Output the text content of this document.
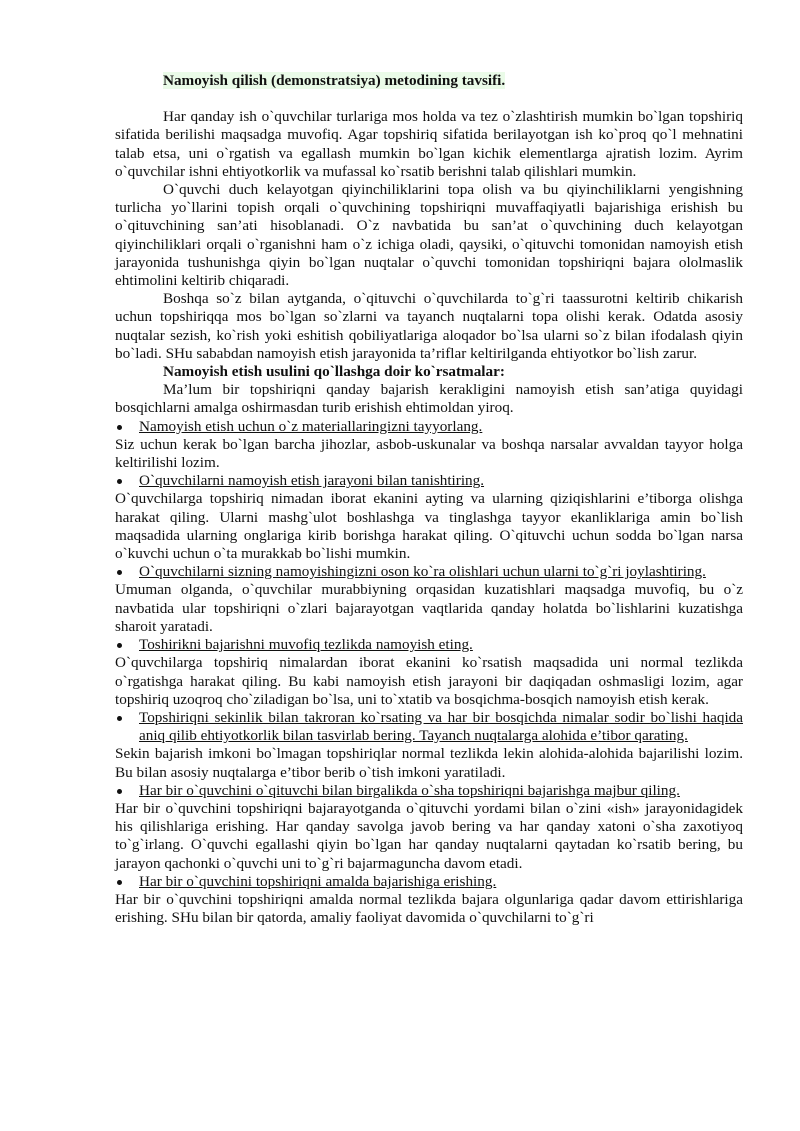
Namoyish qilish (demonstratsiya) metodining tavsifi.

Har qanday ish o`quvchilar turlariga mos holda va tez o`zlashtirish mumkin bo`lgan topshiriq sifatida berilishi maqsadga muvofiq. Agar topshiriq sifatida berilayotgan ish ko`proq qo`l mehnatini talab etsa, uni o`rgatish va egallash mumkin bo`lgan kichik elementlarga ajratish lozim. Ayrim o`quvchilar ishni ehtiyotkorlik va mufassal ko`rsatib berishni talab qilishlari mumkin.

O`quvchi duch kelayotgan qiyinchiliklarini topa olish va bu qiyinchiliklarni yengishning turlicha yo`llarini topish orqali o`quvchining topshiriqni muvaffaqiyatli bajarishiga erishish bu o`qituvchining san’ati hisoblanadi. O`z navbatida bu san’at o`quvchining duch kelayotgan qiyinchiliklari orqali o`rganishni ham o`z ichiga oladi, qaysiki, o`qituvchi tomonidan namoyish etish jarayonida tushunishga qiyin bo`lgan nuqtalar o`quvchi tomonidan topshiriqni bajara ololmaslik ehtimolini keltirib chiqaradi.

Boshqa so`z bilan aytganda, o`qituvchi o`quvchilarda to`g`ri taassurotni keltirib chikarish uchun topshiriqqa mos bo`lgan so`zlarni va tayanch nuqtalarni topa olishi kerak. Odatda asosiy nuqtalar sezish, ko`rish yoki eshitish qobiliyatlariga aloqador bo`lsa ularni so`z bilan ifodalash qiyin bo`ladi. SHu sababdan namoyish etish jarayonida ta’riflar keltirilganda ehtiyotkor bo`lish zarur.

Namoyish etish usulini qo`llashga doir ko`rsatmalar:

Ma’lum bir topshiriqni qanday bajarish kerakligini namoyish etish san’atiga quyidagi bosqichlarni amalga oshirmasdan turib erishish ehtimoldan yiroq.

Namoyish etish uchun o`z materiallaringizni tayyorlang.

Siz uchun kerak bo`lgan barcha jihozlar, asbob-uskunalar va boshqa narsalar avvaldan tayyor holga keltirilishi lozim.

O`quvchilarni namoyish etish jarayoni bilan tanishtiring.

O`quvchilarga topshiriq nimadan iborat ekanini ayting va ularning qiziqishlarini e’tiborga olishga harakat qiling. Ularni mashg`ulot boshlashga va tinglashga tayyor ekanliklariga amin bo`lish maqsadida ularning onglariga kirib borishga harakat qiling. O`qituvchi uchun sodda bo`lgan narsa o`kuvchi uchun o`ta murakkab bo`lishi mumkin.

O`quvchilarni sizning namoyishingizni oson ko`ra olishlari uchun ularni to`g`ri joylashtiring.

Umuman olganda, o`quvchilar murabbiyning orqasidan kuzatishlari maqsadga muvofiq, bu o`z navbatida ular topshiriqni o`zlari bajarayotgan vaqtlarida qanday holatda bo`lishlarini kuzatishga sharoit yaratadi.

Toshirikni bajarishni muvofiq tezlikda namoyish eting.

O`quvchilarga topshiriq nimalardan iborat ekanini ko`rsatish maqsadida uni normal tezlikda o`rgatishga harakat qiling. Bu kabi namoyish etish jarayoni bir daqiqadan oshmasligi lozim, agar topshiriq uzoqroq cho`ziladigan bo`lsa, uni to`xtatib va bosqichma-bosqich namoyish etish kerak.

Topshiriqni sekinlik bilan takroran ko`rsating va har bir bosqichda nimalar sodir bo`lishi haqida aniq qilib ehtiyotkorlik bilan tasvirlab bering. Tayanch nuqtalarga alohida e’tibor qarating.

Sekin bajarish imkoni bo`lmagan topshiriqlar normal tezlikda lekin alohida-alohida bajarilishi lozim. Bu bilan asosiy nuqtalarga e’tibor berib o`tish imkoni yaratiladi.

Har bir o`quvchini o`qituvchi bilan birgalikda o`sha topshiriqni bajarishga majbur qiling.

Har bir o`quvchini topshiriqni bajarayotganda o`qituvchi yordami bilan o`zini «ish» jarayonidagidek his qilishlariga erishing. Har qanday savolga javob bering va har qanday xatoni o`sha zaxotiyoq to`g`irlang. O`quvchi egallashi qiyin bo`lgan har qanday nuqtalarni qaytadan ko`rsatib bering, bu jarayon qachonki o`quvchi uni to`g`ri bajarmaguncha davom etadi.

Har bir o`quvchini topshiriqni amalda bajarishiga erishing.

Har bir o`quvchini topshiriqni amalda normal tezlikda bajara olgunlariga qadar davom ettirishlariga erishing. SHu bilan bir qatorda, amaliy faoliyat davomida o`quvchilarni to`g`ri
